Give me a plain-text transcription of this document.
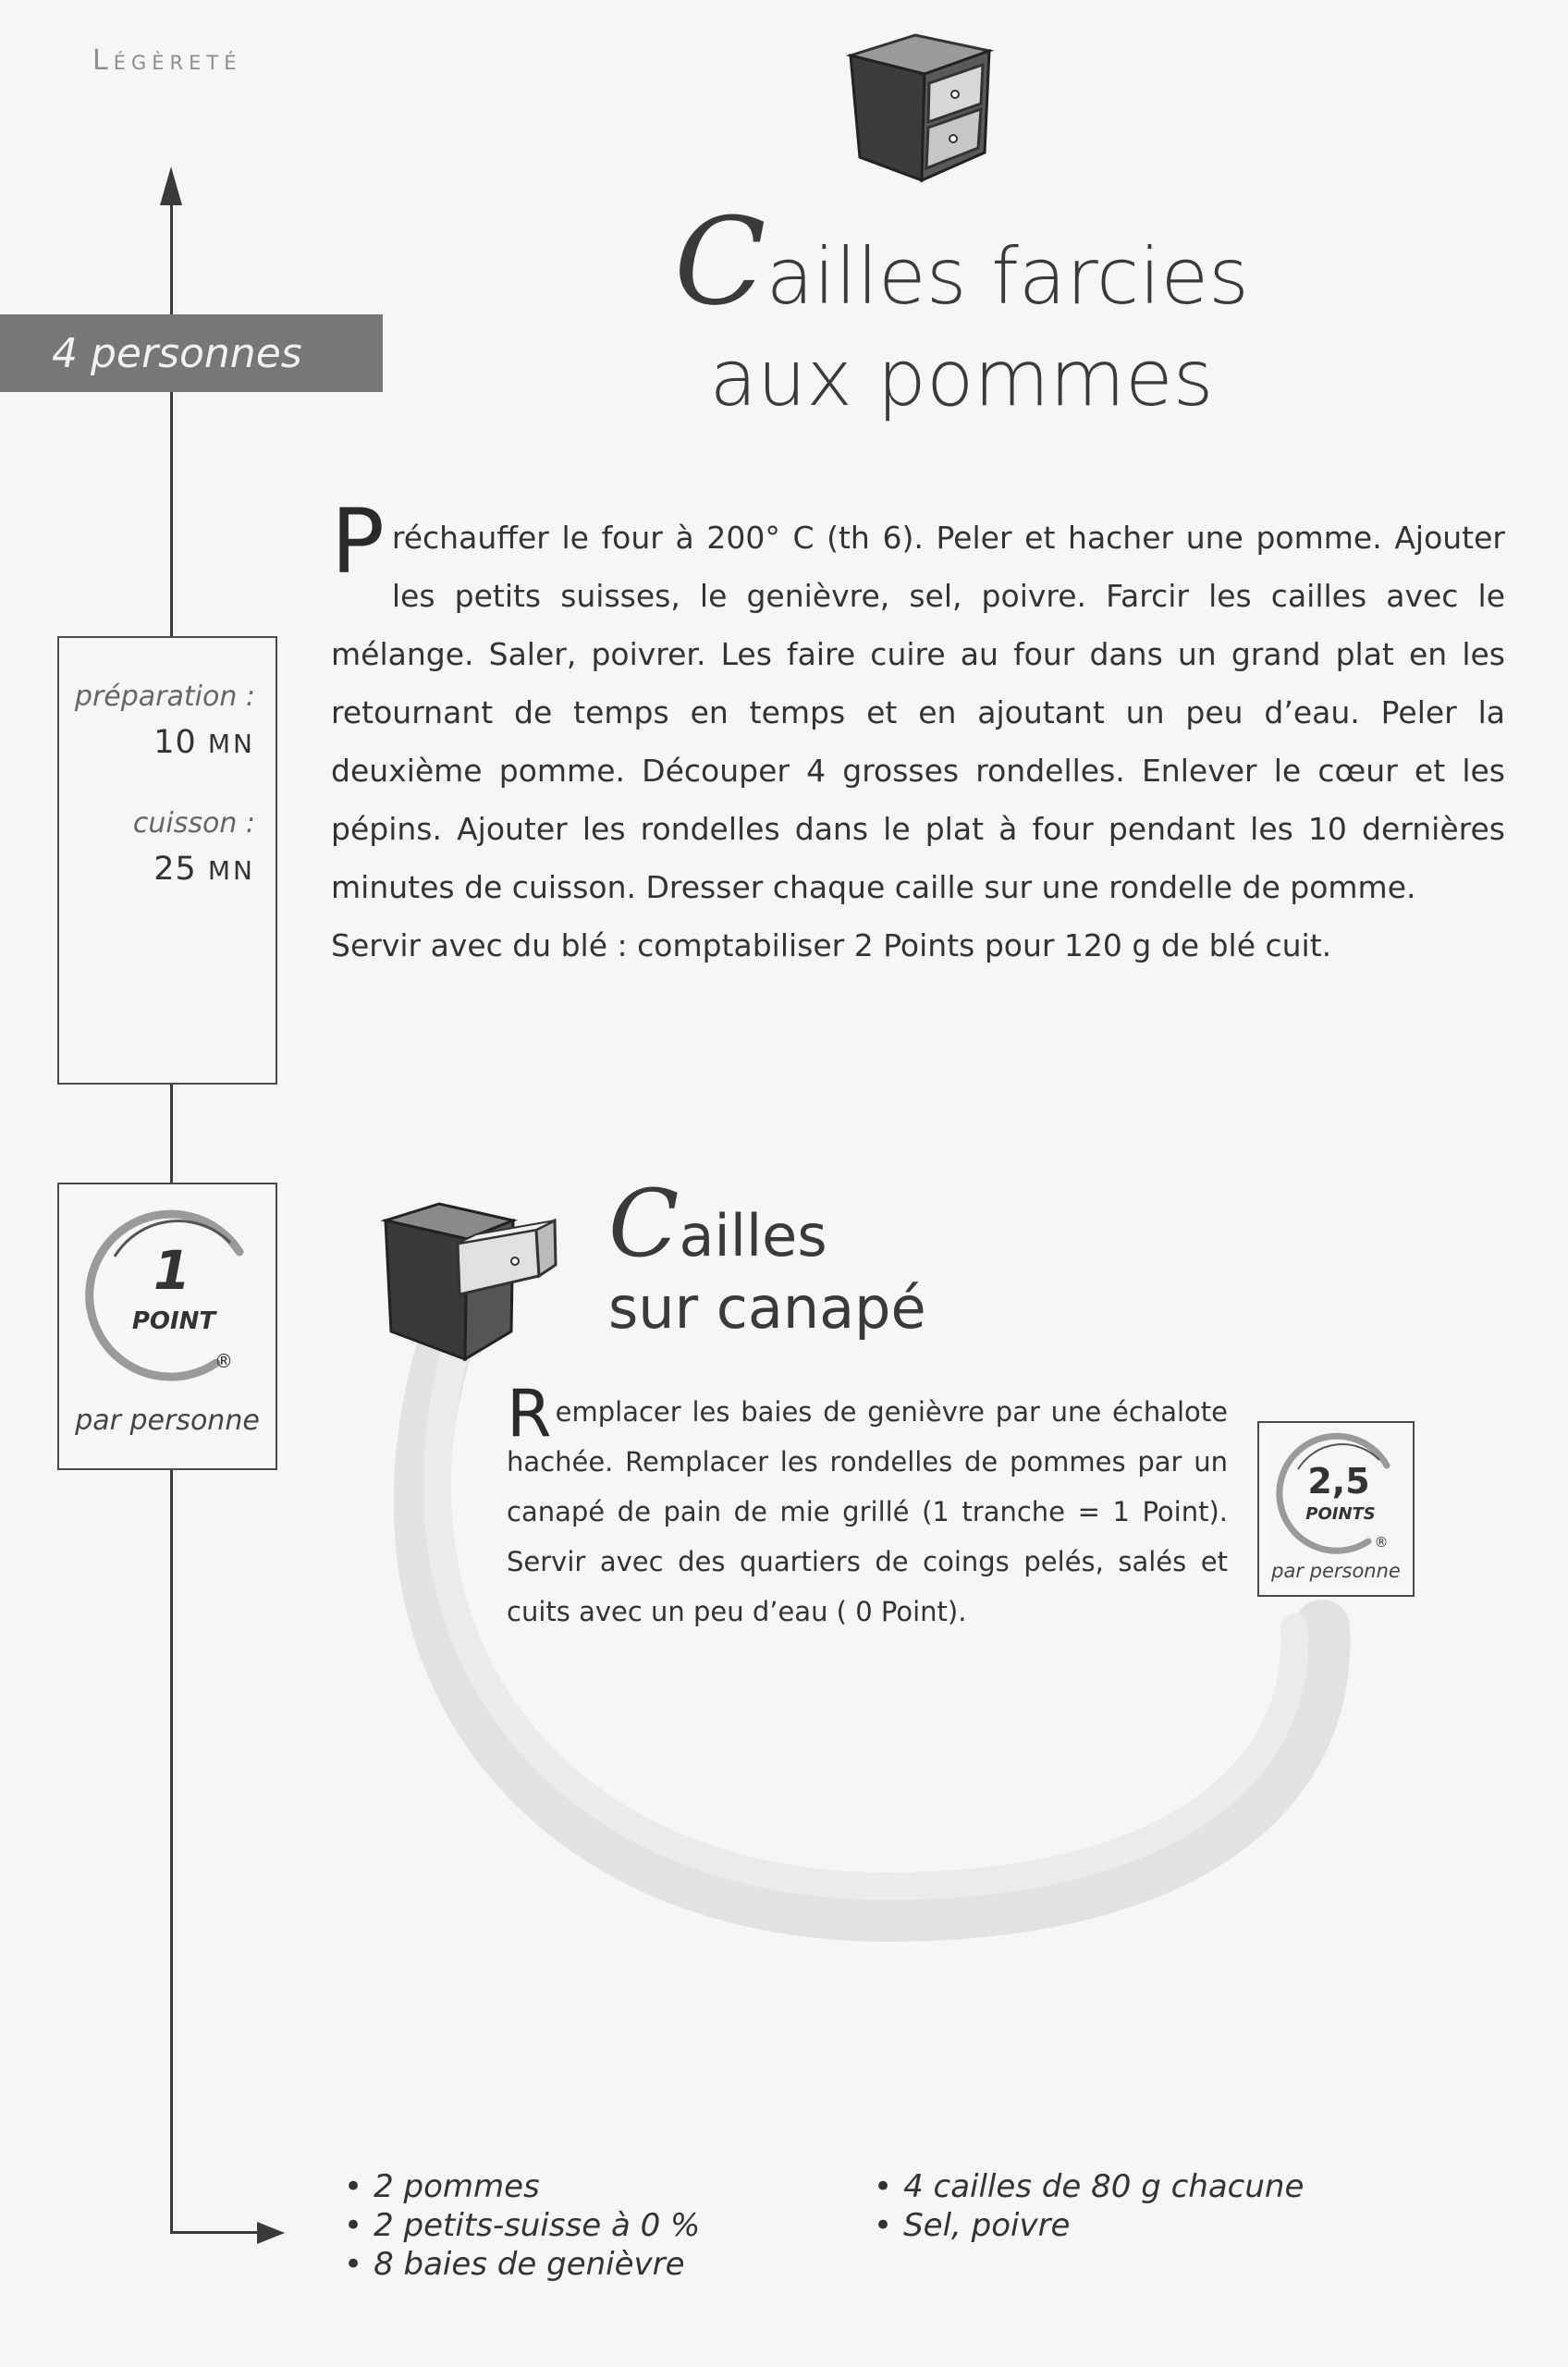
Légèreté
4 personnes
Cailles farcies
aux pommes
préparation :
10 MN
cuisson :
25 MN
Préchauffer le four à 200° C (th 6). Peler et hacher une pomme. Ajouter les petits suisses, le genièvre, sel, poivre. Farcir les cailles avec le mélange. Saler, poivrer. Les faire cuire au four dans un grand plat en les retournant de temps en temps et en ajoutant un peu d’eau. Peler la deuxième pomme. Découper 4 grosses rondelles. Enlever le cœur et les pépins. Ajouter les rondelles dans le plat à four pendant les 10 dernières minutes de cuisson. Dresser chaque caille sur une rondelle de pomme.
Servir avec du blé : comptabiliser 2 Points pour 120 g de blé cuit.
1
POINT
®
par personne
Cailles
sur canapé
Remplacer les baies de genièvre par une échalote hachée. Remplacer les rondelles de pommes par un canapé de pain de mie grillé (1 tranche = 1 Point). Servir avec des quartiers de coings pelés, salés et cuits avec un peu d’eau ( 0 Point).
2,5
POINTS
®
par personne
• 2 pommes
• 2 petits-suisse à 0 %
• 8 baies de genièvre
• 4 cailles de 80 g chacune
• Sel, poivre
